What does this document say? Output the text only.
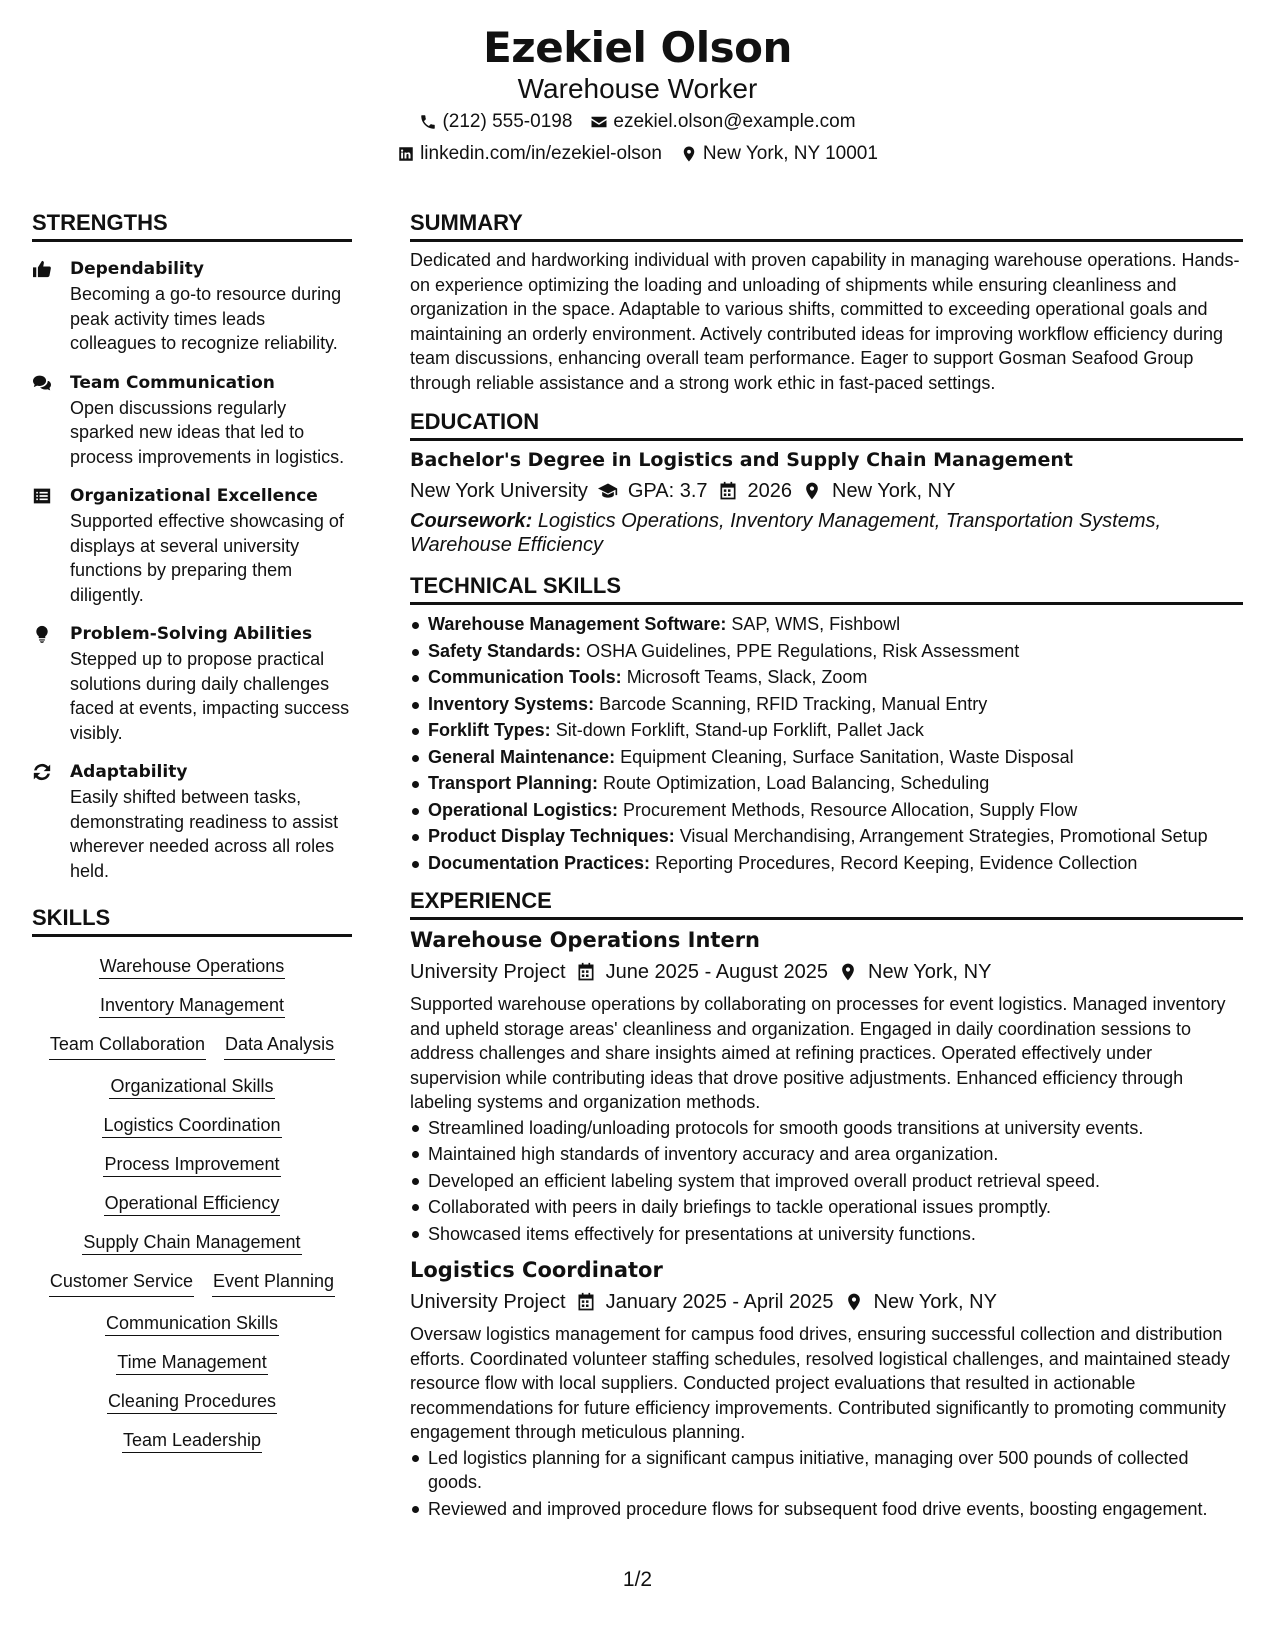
Ezekiel Olson
Warehouse Worker
(212) 555-0198 ezekiel.olson@example.com
linkedin.com/in/ezekiel-olson New York, NY 10001
STRENGTHS
Dependability
Becoming a go-to resource during peak activity times leads colleagues to recognize reliability.
Team Communication
Open discussions regularly sparked new ideas that led to process improvements in logistics.
Organizational Excellence
Supported effective showcasing of displays at several university functions by preparing them diligently.
Problem-Solving Abilities
Stepped up to propose practical solutions during daily challenges faced at events, impacting success visibly.
Adaptability
Easily shifted between tasks, demonstrating readiness to assist wherever needed across all roles held.
SKILLS
Warehouse Operations
Inventory Management
Team Collaboration Data Analysis
Organizational Skills
Logistics Coordination
Process Improvement
Operational Efficiency
Supply Chain Management
Customer Service Event Planning
Communication Skills
Time Management
Cleaning Procedures
Team Leadership
SUMMARY
Dedicated and hardworking individual with proven capability in managing warehouse operations. Hands-on experience optimizing the loading and unloading of shipments while ensuring cleanliness and organization in the space. Adaptable to various shifts, committed to exceeding operational goals and maintaining an orderly environment. Actively contributed ideas for improving workflow efficiency during team discussions, enhancing overall team performance. Eager to support Gosman Seafood Group through reliable assistance and a strong work ethic in fast-paced settings.
EDUCATION
Bachelor's Degree in Logistics and Supply Chain Management
New York University GPA: 3.7 2026 New York, NY
Coursework: Logistics Operations, Inventory Management, Transportation Systems, Warehouse Efficiency
TECHNICAL SKILLS
Warehouse Management Software: SAP, WMS, Fishbowl
Safety Standards: OSHA Guidelines, PPE Regulations, Risk Assessment
Communication Tools: Microsoft Teams, Slack, Zoom
Inventory Systems: Barcode Scanning, RFID Tracking, Manual Entry
Forklift Types: Sit-down Forklift, Stand-up Forklift, Pallet Jack
General Maintenance: Equipment Cleaning, Surface Sanitation, Waste Disposal
Transport Planning: Route Optimization, Load Balancing, Scheduling
Operational Logistics: Procurement Methods, Resource Allocation, Supply Flow
Product Display Techniques: Visual Merchandising, Arrangement Strategies, Promotional Setup
Documentation Practices: Reporting Procedures, Record Keeping, Evidence Collection
EXPERIENCE
Warehouse Operations Intern
University Project June 2025 - August 2025 New York, NY
Supported warehouse operations by collaborating on processes for event logistics. Managed inventory and upheld storage areas' cleanliness and organization. Engaged in daily coordination sessions to address challenges and share insights aimed at refining practices. Operated effectively under supervision while contributing ideas that drove positive adjustments. Enhanced efficiency through labeling systems and organization methods.
Streamlined loading/unloading protocols for smooth goods transitions at university events.
Maintained high standards of inventory accuracy and area organization.
Developed an efficient labeling system that improved overall product retrieval speed.
Collaborated with peers in daily briefings to tackle operational issues promptly.
Showcased items effectively for presentations at university functions.
Logistics Coordinator
University Project January 2025 - April 2025 New York, NY
Oversaw logistics management for campus food drives, ensuring successful collection and distribution efforts. Coordinated volunteer staffing schedules, resolved logistical challenges, and maintained steady resource flow with local suppliers. Conducted project evaluations that resulted in actionable recommendations for future efficiency improvements. Contributed significantly to promoting community engagement through meticulous planning.
Led logistics planning for a significant campus initiative, managing over 500 pounds of collected goods.
Reviewed and improved procedure flows for subsequent food drive events, boosting engagement.
1/2
